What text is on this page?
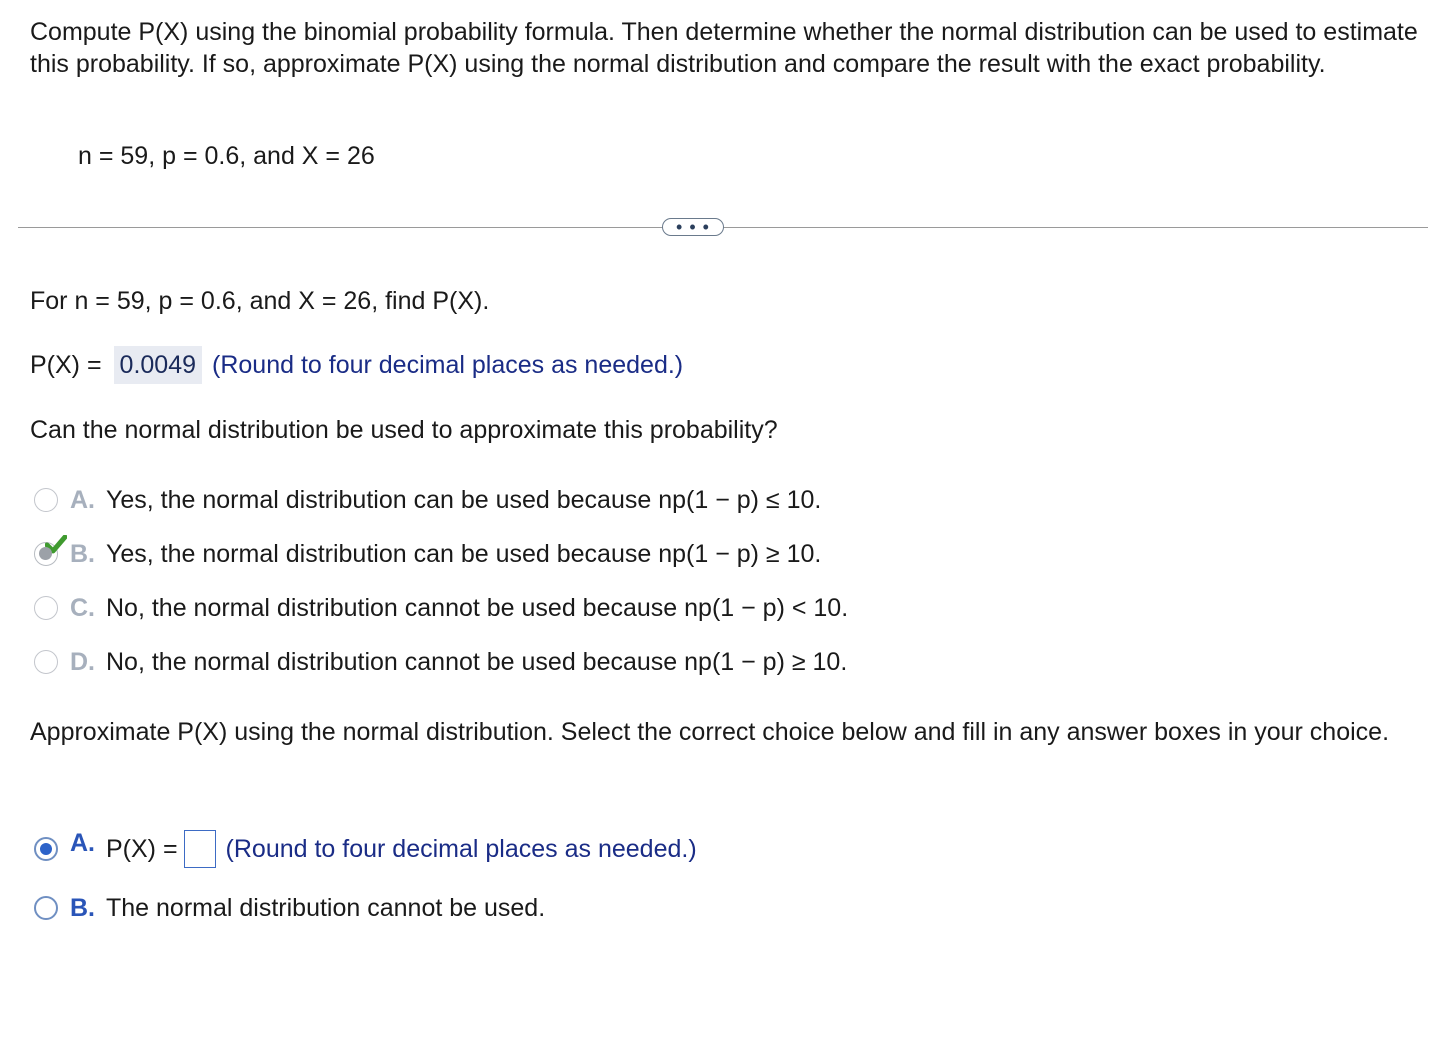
Compute P(X) using the binomial probability formula. Then determine whether the normal distribution can be used to estimate this probability. If so, approximate P(X) using the normal distribution and compare the result with the exact probability.
n = 59, p = 0.6, and X = 26
• • •
For n = 59, p = 0.6, and X = 26, find P(X).
P(X) = 0.0049 (Round to four decimal places as needed.)
Can the normal distribution be used to approximate this probability?
A. Yes, the normal distribution can be used because np(1 − p) ≤ 10.
B. Yes, the normal distribution can be used because np(1 − p) ≥ 10.
C. No, the normal distribution cannot be used because np(1 − p) < 10.
D. No, the normal distribution cannot be used because np(1 − p) ≥ 10.
Approximate P(X) using the normal distribution. Select the correct choice below and fill in any answer boxes in your choice.
A. P(X) = (Round to four decimal places as needed.)
B. The normal distribution cannot be used.
